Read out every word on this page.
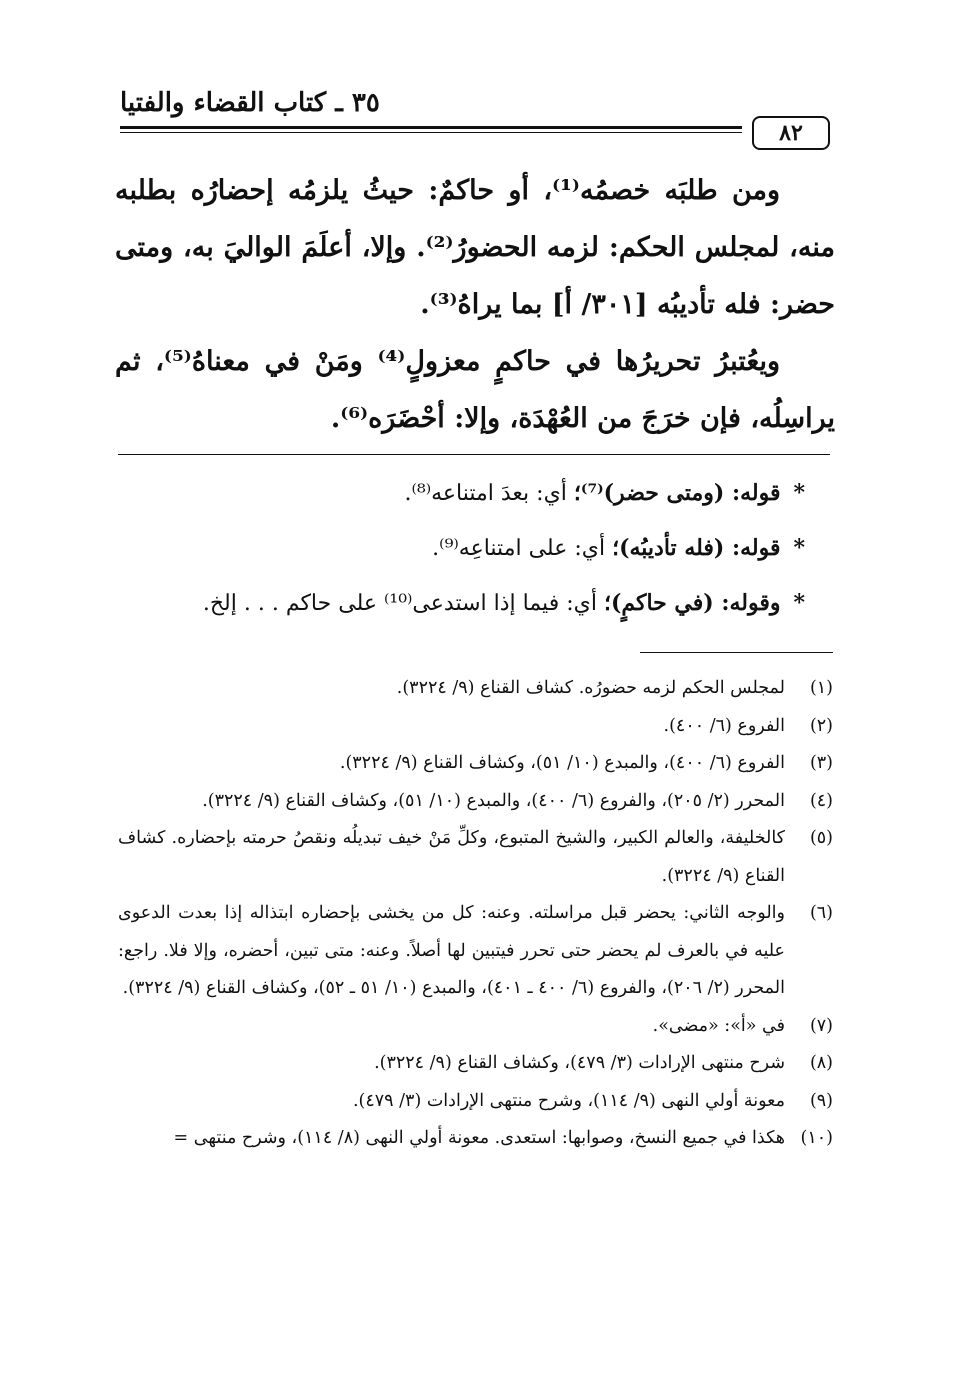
٣٥ ـ كتاب القضاء والفتيا
٨٢

ومن طلبَه خصمُه⁽¹⁾، أو حاكمٌ: حيثُ يلزمُه إحضارُه بطلبه منه، لمجلس الحكم: لزمه الحضورُ⁽²⁾. وإلا، أعلَمَ الواليَ به، ومتى حضر: فله تأديبُه [٣٠١/ أ] بما يراهُ⁽³⁾.

ويعُتبرُ تحريرُها في حاكمٍ معزولٍ⁽⁴⁾ ومَنْ في معناهُ⁽⁵⁾، ثم يراسِلُه، فإن خرَجَ من العُهْدَة، وإلا: أحْضَرَه⁽⁶⁾.

* قوله: (ومتى حضر)⁽⁷⁾؛ أي: بعدَ امتناعه⁽⁸⁾.
* قوله: (فله تأديبُه)؛ أي: على امتناعِه⁽⁹⁾.
* وقوله: (في حاكمٍ)؛ أي: فيما إذا استدعى⁽¹⁰⁾ على حاكم . . . إلخ.
(١)
لمجلس الحكم لزمه حضورُه. كشاف القناع (٩/ ٣٢٢٤).
(٢)
الفروع (٦/ ٤٠٠).
(٣)
الفروع (٦/ ٤٠٠)، والمبدع (١٠/ ٥١)، وكشاف القناع (٩/ ٣٢٢٤).
(٤)
المحرر (٢/ ٢٠٥)، والفروع (٦/ ٤٠٠)، والمبدع (١٠/ ٥١)، وكشاف القناع (٩/ ٣٢٢٤).
(٥)
كالخليفة، والعالم الكبير، والشيخ المتبوع، وكلِّ مَنْ خيف تبديلُه ونقصُ حرمته بإحضاره. كشاف القناع (٩/ ٣٢٢٤).
(٦)
والوجه الثاني: يحضر قبل مراسلته. وعنه: كل من يخشى بإحضاره ابتذاله إذا بعدت الدعوى عليه في بالعرف لم يحضر حتى تحرر فيتبين لها أصلاً. وعنه: متى تبين، أحضره، وإلا فلا. راجع: المحرر (٢/ ٢٠٦)، والفروع (٦/ ٤٠٠ ـ ٤٠١)، والمبدع (١٠/ ٥١ ـ ٥٢)، وكشاف القناع (٩/ ٣٢٢٤).
(٧)
في «أ»: «مضى».
(٨)
شرح منتهى الإرادات (٣/ ٤٧٩)، وكشاف القناع (٩/ ٣٢٢٤).
(٩)
معونة أولي النهى (٩/ ١١٤)، وشرح منتهى الإرادات (٣/ ٤٧٩).
(١٠)
هكذا في جميع النسخ، وصوابها: استعدى. معونة أولي النهى (٨/ ١١٤)، وشرح منتهى =
